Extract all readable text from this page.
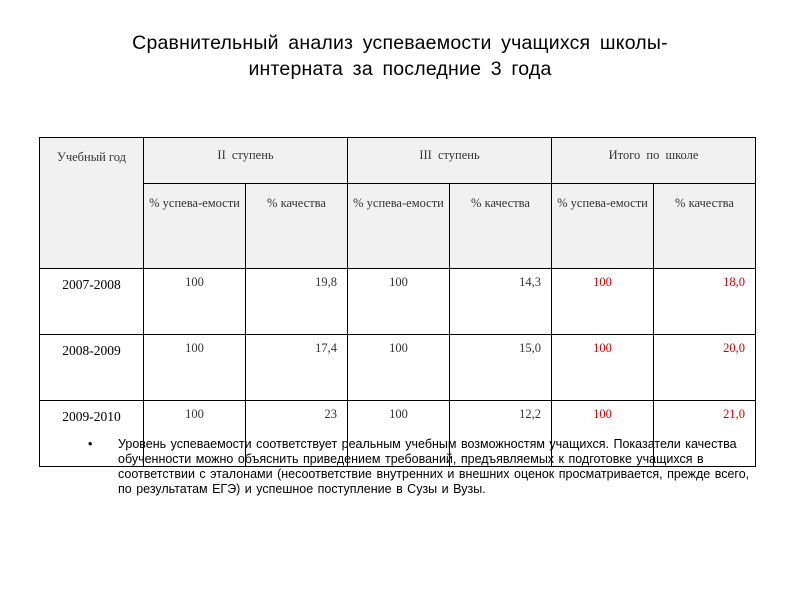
Сравнительный анализ успеваемости учащихся школы-
интерната за последние 3 года
Учебный год	II ступень		III ступень		Итого по школе	
	% успева-емости	% качества	% успева-емости	% качества	% успева-емости	% качества
2007-2008	100	19,8	100	14,3	100	18,0
2008-2009	100	17,4	100	15,0	100	20,0
2009-2010	100	23	100	12,2	100	21,0
• Уровень успеваемости соответствует реальным учебным возможностям учащихся. Показатели качества обученности можно объяснить приведением требований, предъявляемых к подготовке учащихся в соответствии с эталонами (несоответствие внутренних и внешних оценок просматривается, прежде всего, по результатам ЕГЭ) и успешное поступление в Сузы и Вузы.
